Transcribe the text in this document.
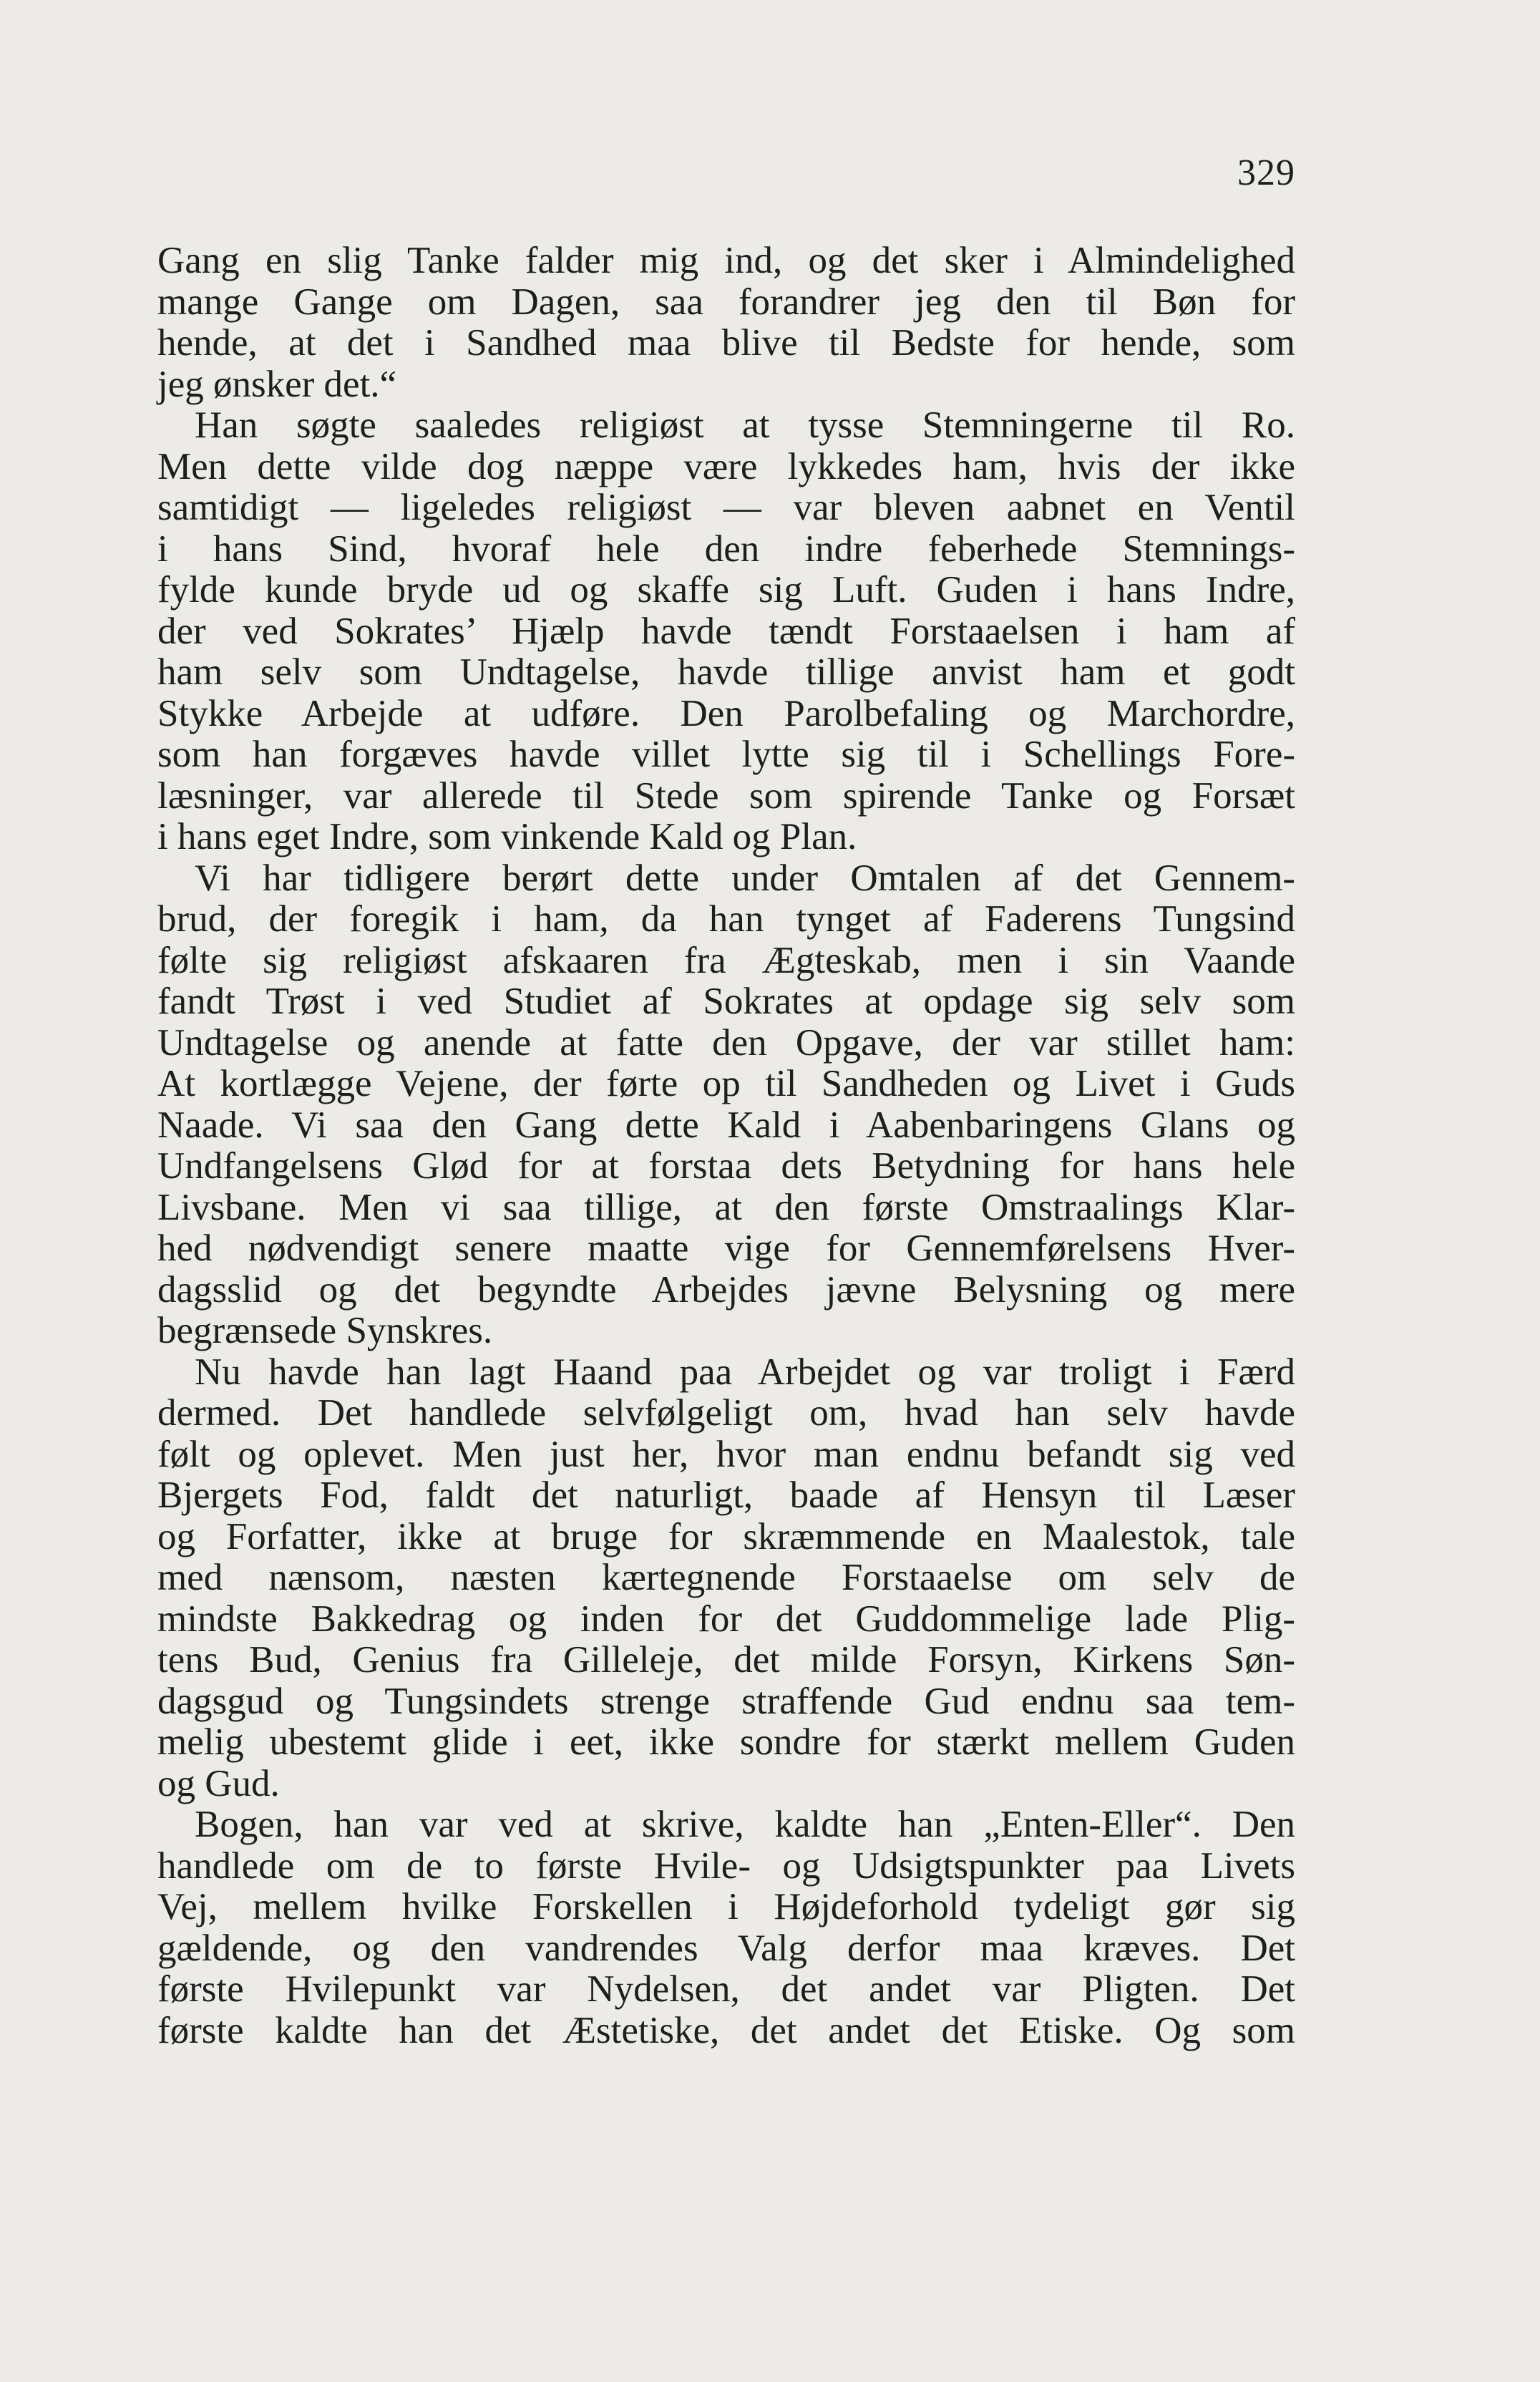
329
Gang en slig Tanke falder mig ind, og det sker i Almindelighed
mange Gange om Dagen, saa forandrer jeg den til Bøn for
hende, at det i Sandhed maa blive til Bedste for hende, som
jeg ønsker det.“
Han søgte saaledes religiøst at tysse Stemningerne til Ro.
Men dette vilde dog næppe være lykkedes ham, hvis der ikke
samtidigt — ligeledes religiøst — var bleven aabnet en Ventil
i hans Sind, hvoraf hele den indre feberhede Stemnings-
fylde kunde bryde ud og skaffe sig Luft. Guden i hans Indre,
der ved Sokrates’ Hjælp havde tændt Forstaaelsen i ham af
ham selv som Undtagelse, havde tillige anvist ham et godt
Stykke Arbejde at udføre. Den Parolbefaling og Marchordre,
som han forgæves havde villet lytte sig til i Schellings Fore-
læsninger, var allerede til Stede som spirende Tanke og Forsæt
i hans eget Indre, som vinkende Kald og Plan.
Vi har tidligere berørt dette under Omtalen af det Gennem-
brud, der foregik i ham, da han tynget af Faderens Tungsind
følte sig religiøst afskaaren fra Ægteskab, men i sin Vaande
fandt Trøst i ved Studiet af Sokrates at opdage sig selv som
Undtagelse og anende at fatte den Opgave, der var stillet ham:
At kortlægge Vejene, der førte op til Sandheden og Livet i Guds
Naade. Vi saa den Gang dette Kald i Aabenbaringens Glans og
Undfangelsens Glød for at forstaa dets Betydning for hans hele
Livsbane. Men vi saa tillige, at den første Omstraalings Klar-
hed nødvendigt senere maatte vige for Gennemførelsens Hver-
dagsslid og det begyndte Arbejdes jævne Belysning og mere
begrænsede Synskres.
Nu havde han lagt Haand paa Arbejdet og var troligt i Færd
dermed. Det handlede selvfølgeligt om, hvad han selv havde
følt og oplevet. Men just her, hvor man endnu befandt sig ved
Bjergets Fod, faldt det naturligt, baade af Hensyn til Læser
og Forfatter, ikke at bruge for skræmmende en Maalestok, tale
med nænsom, næsten kærtegnende Forstaaelse om selv de
mindste Bakkedrag og inden for det Guddommelige lade Plig-
tens Bud, Genius fra Gilleleje, det milde Forsyn, Kirkens Søn-
dagsgud og Tungsindets strenge straffende Gud endnu saa tem-
melig ubestemt glide i eet, ikke sondre for stærkt mellem Guden
og Gud.
Bogen, han var ved at skrive, kaldte han „Enten-Eller“. Den
handlede om de to første Hvile- og Udsigtspunkter paa Livets
Vej, mellem hvilke Forskellen i Højdeforhold tydeligt gør sig
gældende, og den vandrendes Valg derfor maa kræves. Det
første Hvilepunkt var Nydelsen, det andet var Pligten. Det
første kaldte han det Æstetiske, det andet det Etiske. Og som
